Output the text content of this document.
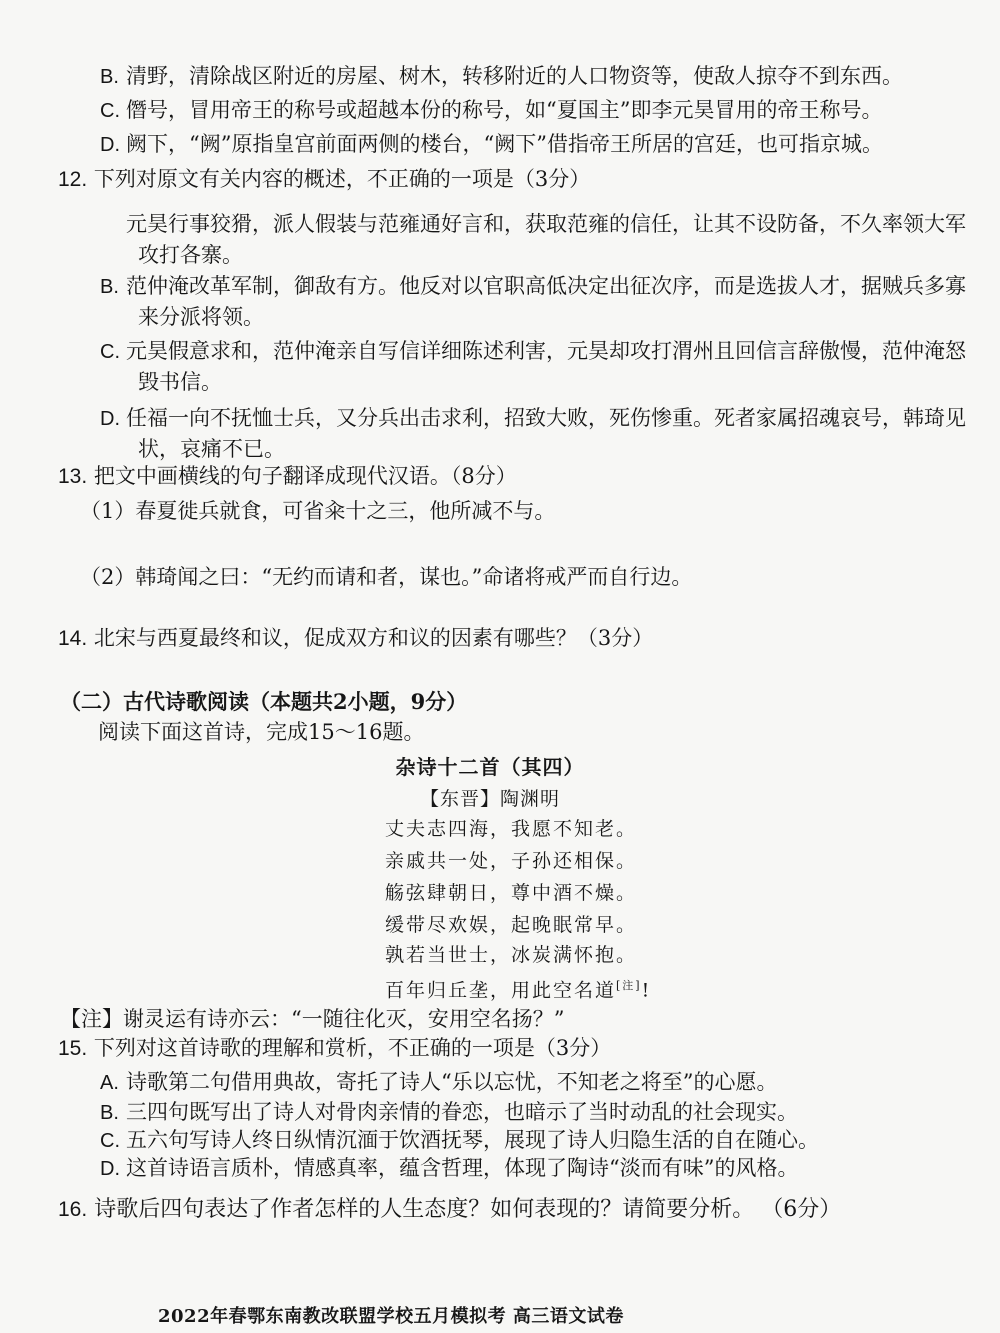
B. 清野，清除战区附近的房屋、树木，转移附近的人口物资等，使敌人掠夺不到东西。
C. 僭号，冒用帝王的称号或超越本份的称号，如“夏国主”即李元昊冒用的帝王称号。
D. 阙下，“阙”原指皇宫前面两侧的楼台，“阙下”借指帝王所居的宫廷，也可指京城。
12. 下列对原文有关内容的概述，不正确的一项是（3分）
元昊行事狡猾，派人假装与范雍通好言和，获取范雍的信任，让其不设防备，不久率领大军
攻打各寨。
B. 范仲淹改革军制，御敌有方。他反对以官职高低决定出征次序，而是选拔人才，据贼兵多寡
来分派将领。
C. 元昊假意求和，范仲淹亲自写信详细陈述利害，元昊却攻打渭州且回信言辞傲慢，范仲淹怒
毁书信。
D. 任福一向不抚恤士兵，又分兵出击求利，招致大败，死伤惨重。死者家属招魂哀号，韩琦见
状，哀痛不已。
13. 把文中画横线的句子翻译成现代汉语。（8分）
（1）春夏徙兵就食，可省籴十之三，他所减不与。
（2）韩琦闻之曰：“无约而请和者，谋也。”命诸将戒严而自行边。
14. 北宋与西夏最终和议，促成双方和议的因素有哪些？（3分）
（二）古代诗歌阅读（本题共2小题，9分）
阅读下面这首诗，完成15～16题。
杂诗十二首（其四）
【东晋】陶渊明
丈夫志四海，我愿不知老。
亲戚共一处，子孙还相保。
觞弦肆朝日，尊中酒不燥。
缓带尽欢娱，起晚眠常早。
孰若当世士，冰炭满怀抱。
百年归丘垄，用此空名道[注]!
【注】谢灵运有诗亦云：“一随往化灭，安用空名扬？”
15. 下列对这首诗歌的理解和赏析，不正确的一项是（3分）
A. 诗歌第二句借用典故，寄托了诗人“乐以忘忧，不知老之将至”的心愿。
B. 三四句既写出了诗人对骨肉亲情的眷恋，也暗示了当时动乱的社会现实。
C. 五六句写诗人终日纵情沉湎于饮酒抚琴，展现了诗人归隐生活的自在随心。
D. 这首诗语言质朴，情感真率，蕴含哲理，体现了陶诗“淡而有味”的风格。
16. 诗歌后四句表达了作者怎样的人生态度？如何表现的？请简要分析。 （6分）
2022年春鄂东南教改联盟学校五月模拟考 高三语文试卷
